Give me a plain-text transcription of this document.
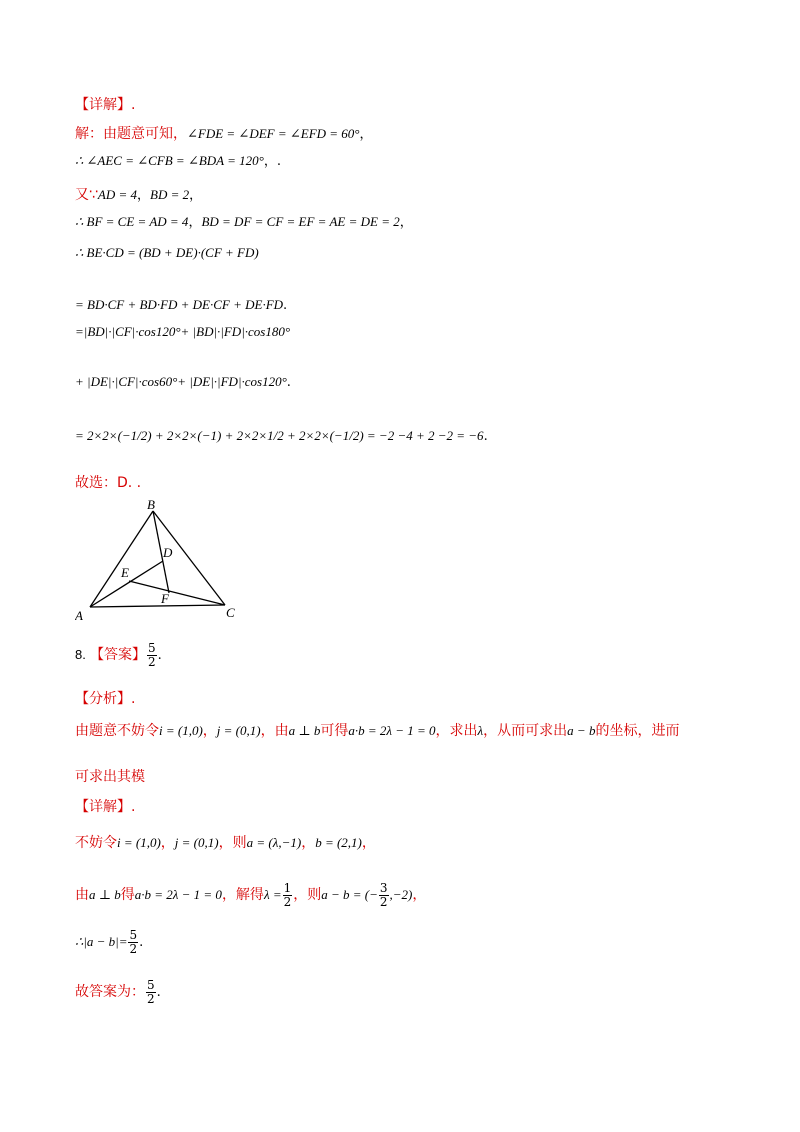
【详解】.
解：由题意可知，∠FDE = ∠DEF = ∠EFD = 60°，
∴ ∠AEC = ∠CFB = ∠BDA = 120°，.
又∵AD = 4，BD = 2，
∴ BF = CE = AD = 4，BD = DF = CF = EF = AE = DE = 2，
∴ BE·CD = (BD + DE)·(CF + FD)
= BD·CF + BD·FD + DE·CF + DE·FD.
=|BD|·|CF|·cos120°+ |BD|·|FD|·cos180°
+ |DE|·|CF|·cos60°+ |DE|·|FD|·cos120°.
= 2×2×(−1/2) + 2×2×(−1) + 2×2×1/2 + 2×2×(−1/2) = −2 −4 + 2 −2 = −6.
故选：D. .
B
D
E
F
A	C
8. 【答案】 $\frac{5}{2}$ .
【分析】.
由题意不妨令i = (1,0)，j = (0,1)，由a ⊥ b可得a·b = 2λ − 1 = 0，求出λ，从而可求出a − b的坐标，进而
可求出其模
【详解】.
不妨令i = (1,0)，j = (0,1)，则a = (λ,−1)，b = (2,1)，
由a ⊥ b得a·b = 2λ − 1 = 0，解得$\lambda = \frac{1}{2}$ ，则a − b = (− $\frac{3}{2} ,-2$)，
∴|a − $b|= \frac{5}{2}$ .
故答案为： $\frac{5}{2}$ .
